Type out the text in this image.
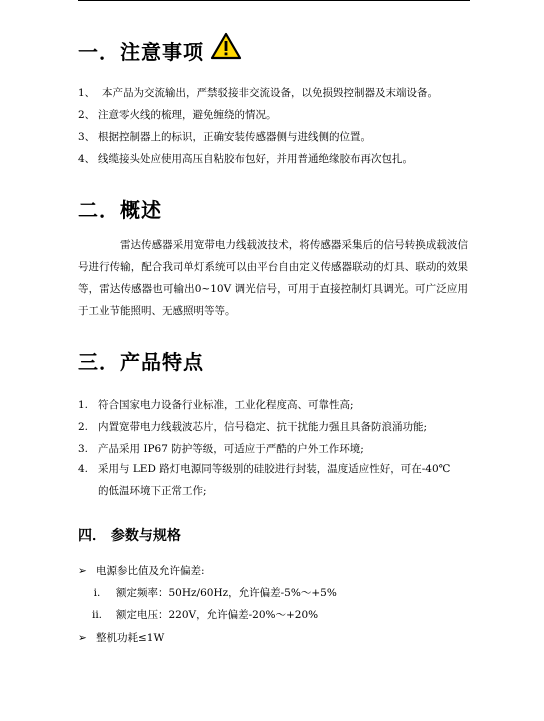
一．注意事项
1、 本产品为交流输出，严禁驳接非交流设备，以免损毁控制器及末端设备。
2、 注意零火线的梳理，避免缠绕的情况。
3、 根据控制器上的标识，正确安装传感器侧与进线侧的位置。
4、 线缆接头处应使用高压自粘胶布包好，并用普通绝缘胶布再次包扎。
二．概述
雷达传感器采用宽带电力线载波技术，将传感器采集后的信号转换成载波信号进行传输，配合我司单灯系统可以由平台自由定义传感器联动的灯具、联动的效果等，雷达传感器也可输出0~10V 调光信号，可用于直接控制灯具调光。可广泛应用于工业节能照明、无感照明等等。
三．产品特点
1. 符合国家电力设备行业标准，工业化程度高、可靠性高;
2. 内置宽带电力线载波芯片，信号稳定、抗干扰能力强且具备防浪涌功能;
3. 产品采用 IP67 防护等级，可适应于严酷的户外工作环境;
4. 采用与 LED 路灯电源同等级别的硅胶进行封装，温度适应性好，可在-40℃
的低温环境下正常工作;
四． 参数与规格
➢ 电源参比值及允许偏差:
i. 额定频率：50Hz/60Hz，允许偏差-5%～+5%
ii. 额定电压：220V，允许偏差-20%～+20%
➢ 整机功耗≤1W
